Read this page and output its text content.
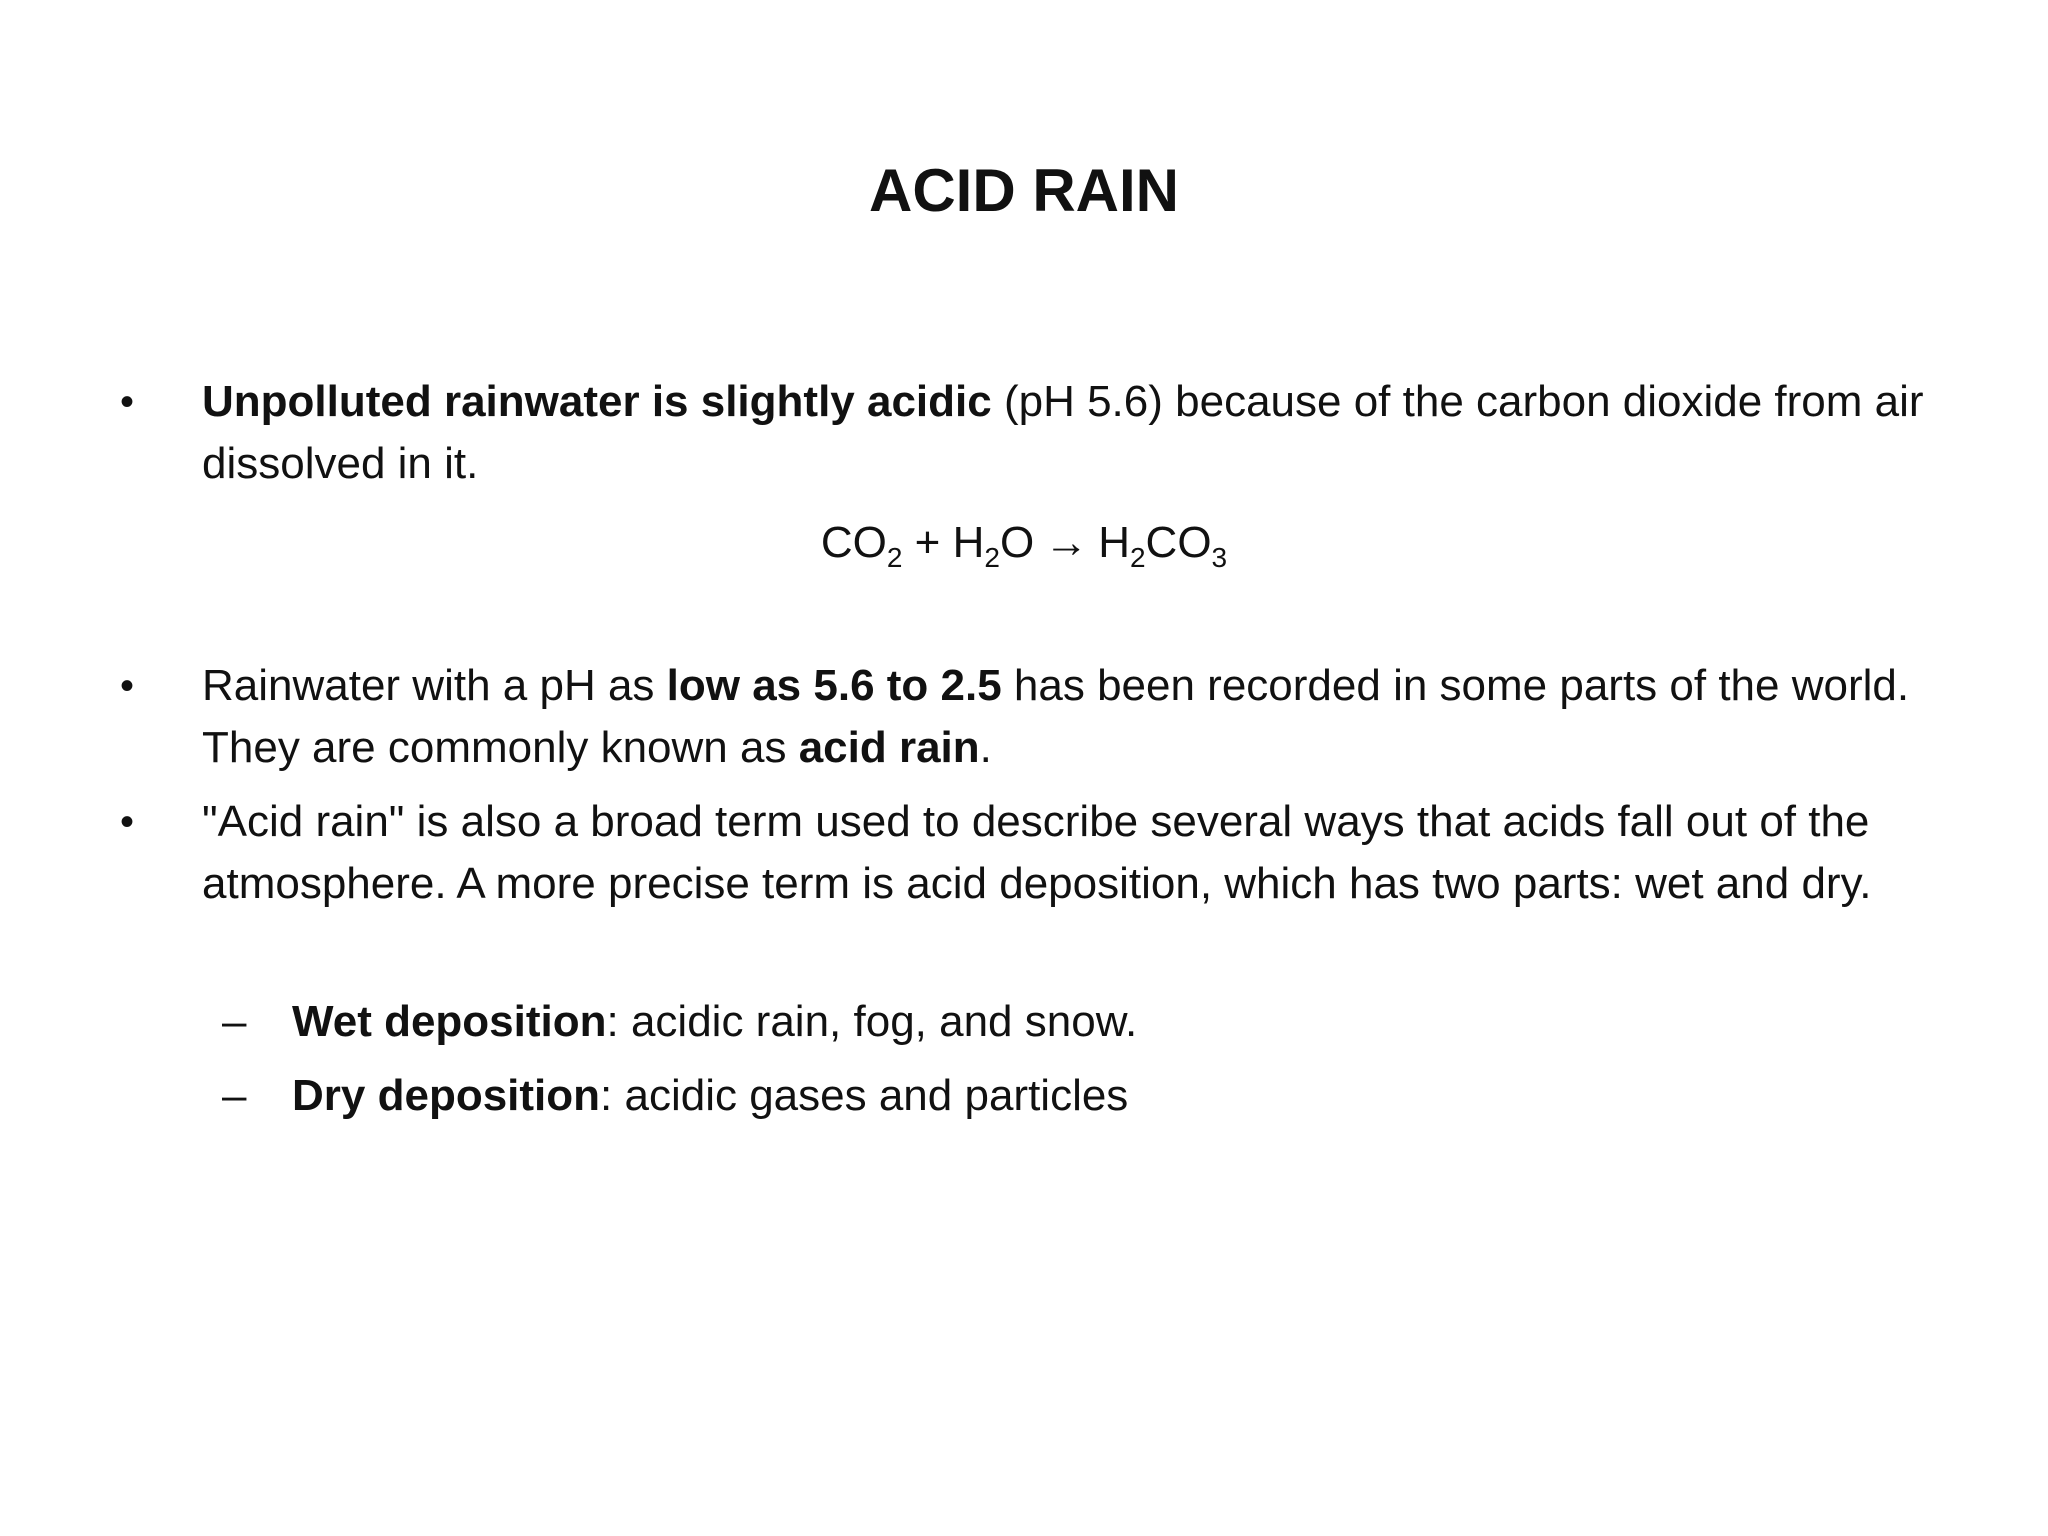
ACID RAIN
•	Unpolluted rainwater is slightly acidic (pH 5.6) because of the carbon dioxide from air dissolved in it.
$CO_2 + H_2O \to H_2CO_3$
•	Rainwater with a pH as low as 5.6 to 2.5 has been recorded in some parts of the world. They are commonly known as acid rain.
•	"Acid rain" is also a broad term used to describe several ways that acids fall out of the atmosphere. A more precise term is acid deposition, which has two parts: wet and dry.
– Wet deposition: acidic rain, fog, and snow.
– Dry deposition: acidic gases and particles
